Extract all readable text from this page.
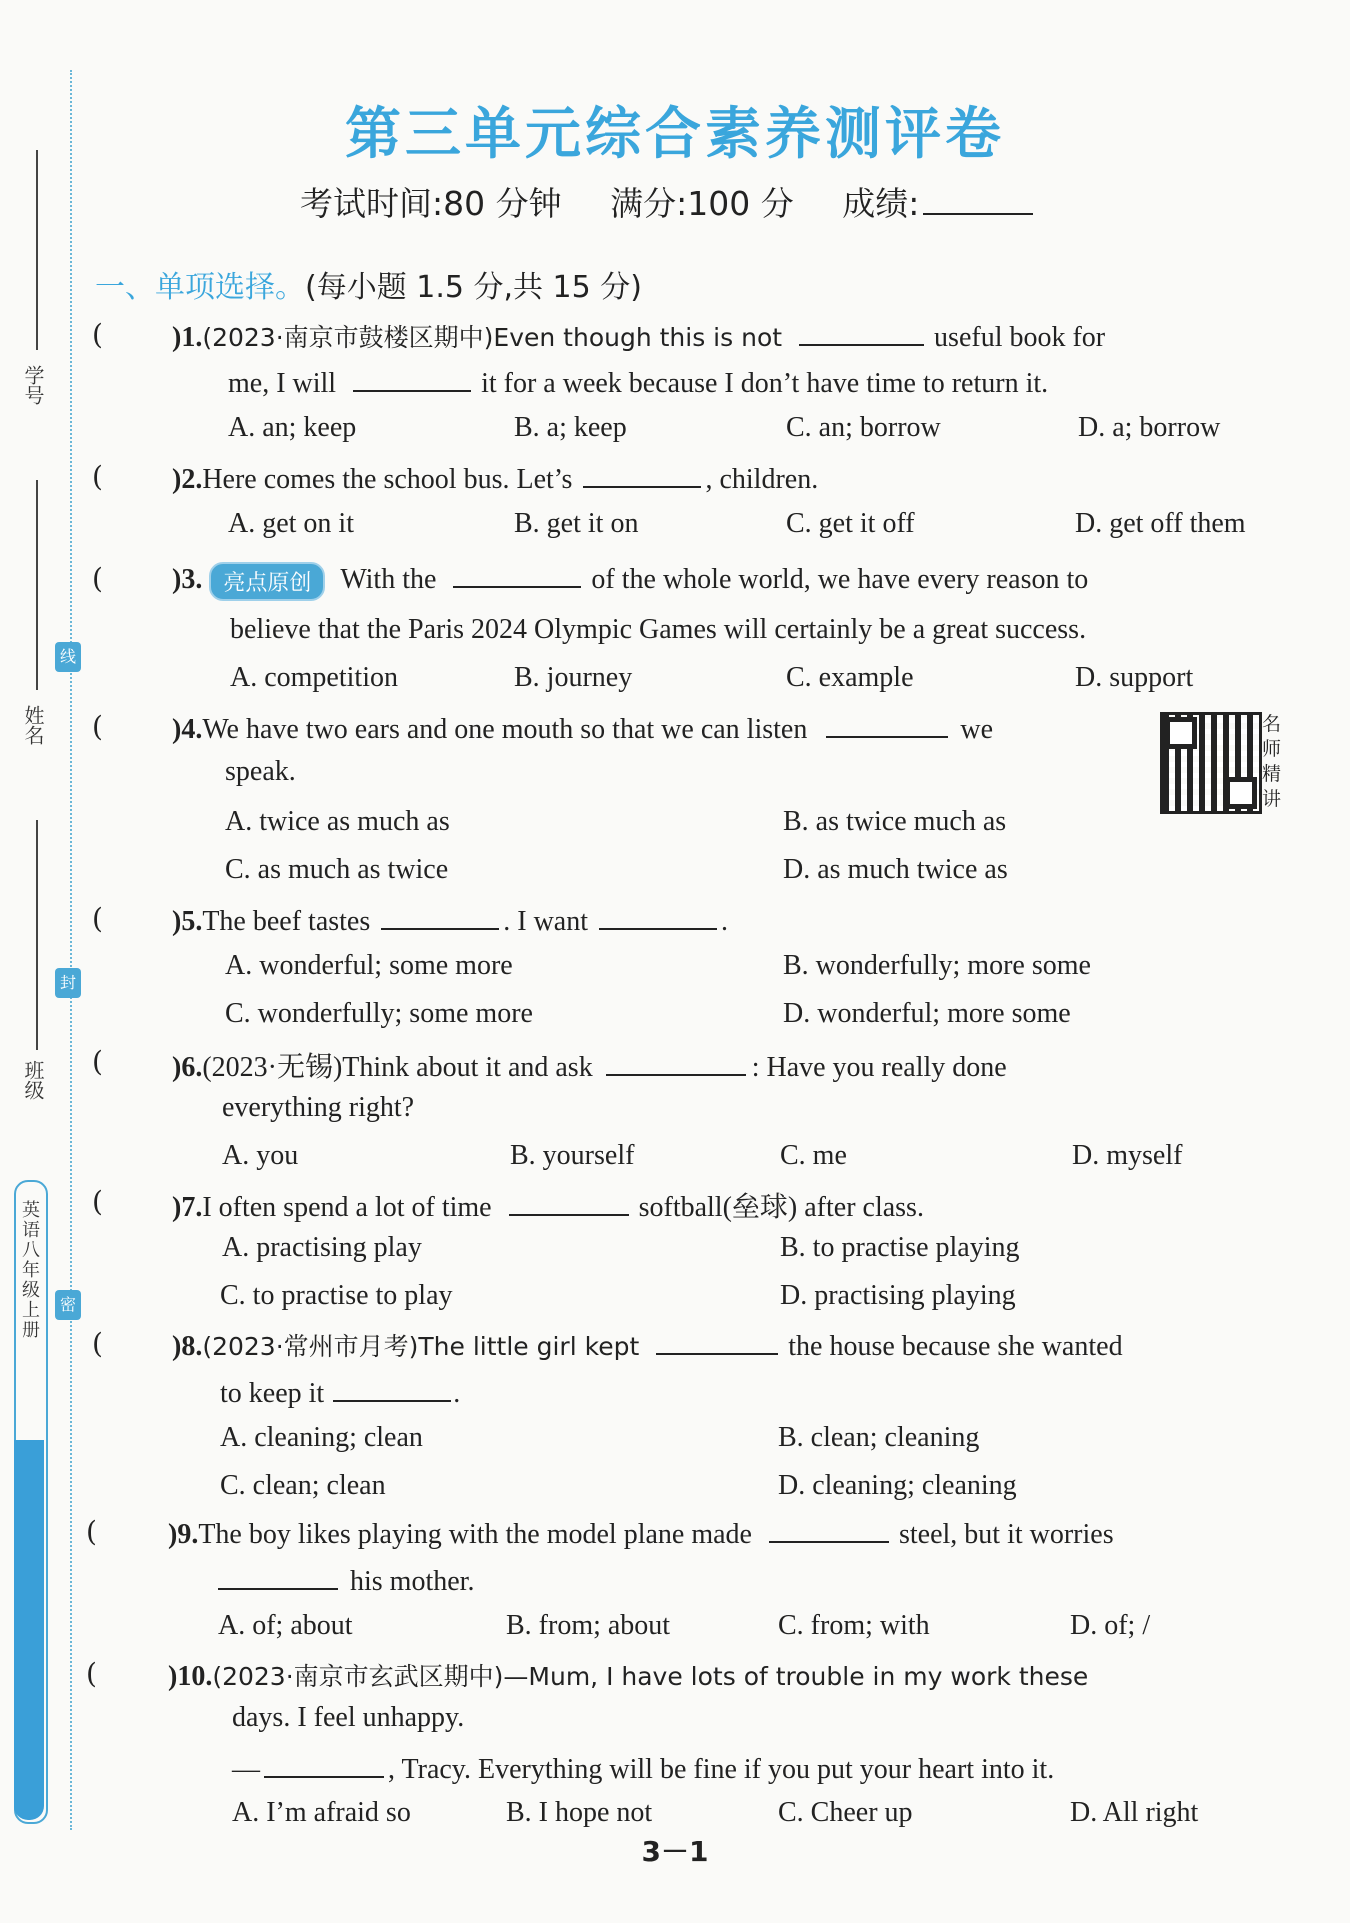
学号
姓名
班级
线
封
密
英语八年级上册
第三单元综合素养测评卷
考试时间:80 分钟 满分:100 分 成绩:
一、单项选择。(每小题 1.5 分,共 15 分)
( )1.(2023·南京市鼓楼区期中)Even though this is not	useful book for
me, I will	it for a week because I don’t have time to return it.
A. an; keep	B. a; keep	C. an; borrow	D. a; borrow
( )2.Here comes the school bus. Let’s	, children.
A. get on it	B. get it on	C. get it off	D. get off them
( )3. 亮点原创 With the	of the whole world, we have every reason to
believe that the Paris 2024 Olympic Games will certainly be a great success.
A. competition	B. journey	C. example	D. support
( )4.We have two ears and one mouth so that we can listen	we
speak.
名师精讲
A. twice as much as	B. as twice much as
C. as much as twice	D. as much twice as
( )5.The beef tastes	. I want	.
A. wonderful; some more	B. wonderfully; more some
C. wonderfully; some more	D. wonderful; more some
( )6.(2023·无锡)Think about it and ask	: Have you really done
everything right?
A. you	B. yourself	C. me	D. myself
( )7.I often spend a lot of time	softball(垒球) after class.
A. practising play	B. to practise playing
C. to practise to play	D. practising playing
( )8.(2023·常州市月考)The little girl kept	the house because she wanted
to keep it	.
A. cleaning; clean	B. clean; cleaning
C. clean; clean	D. cleaning; cleaning
(	)9.The boy likes playing with the model plane made	steel, but it worries
his mother.
A. of; about	B. from; about	C. from; with	D. of; /
(	)10.(2023·南京市玄武区期中)—Mum, I have lots of trouble in my work these
days. I feel unhappy.
—	, Tracy. Everything will be fine if you put your heart into it.
A. I’m afraid so	B. I hope not	C. Cheer up	D. All right
3－1
